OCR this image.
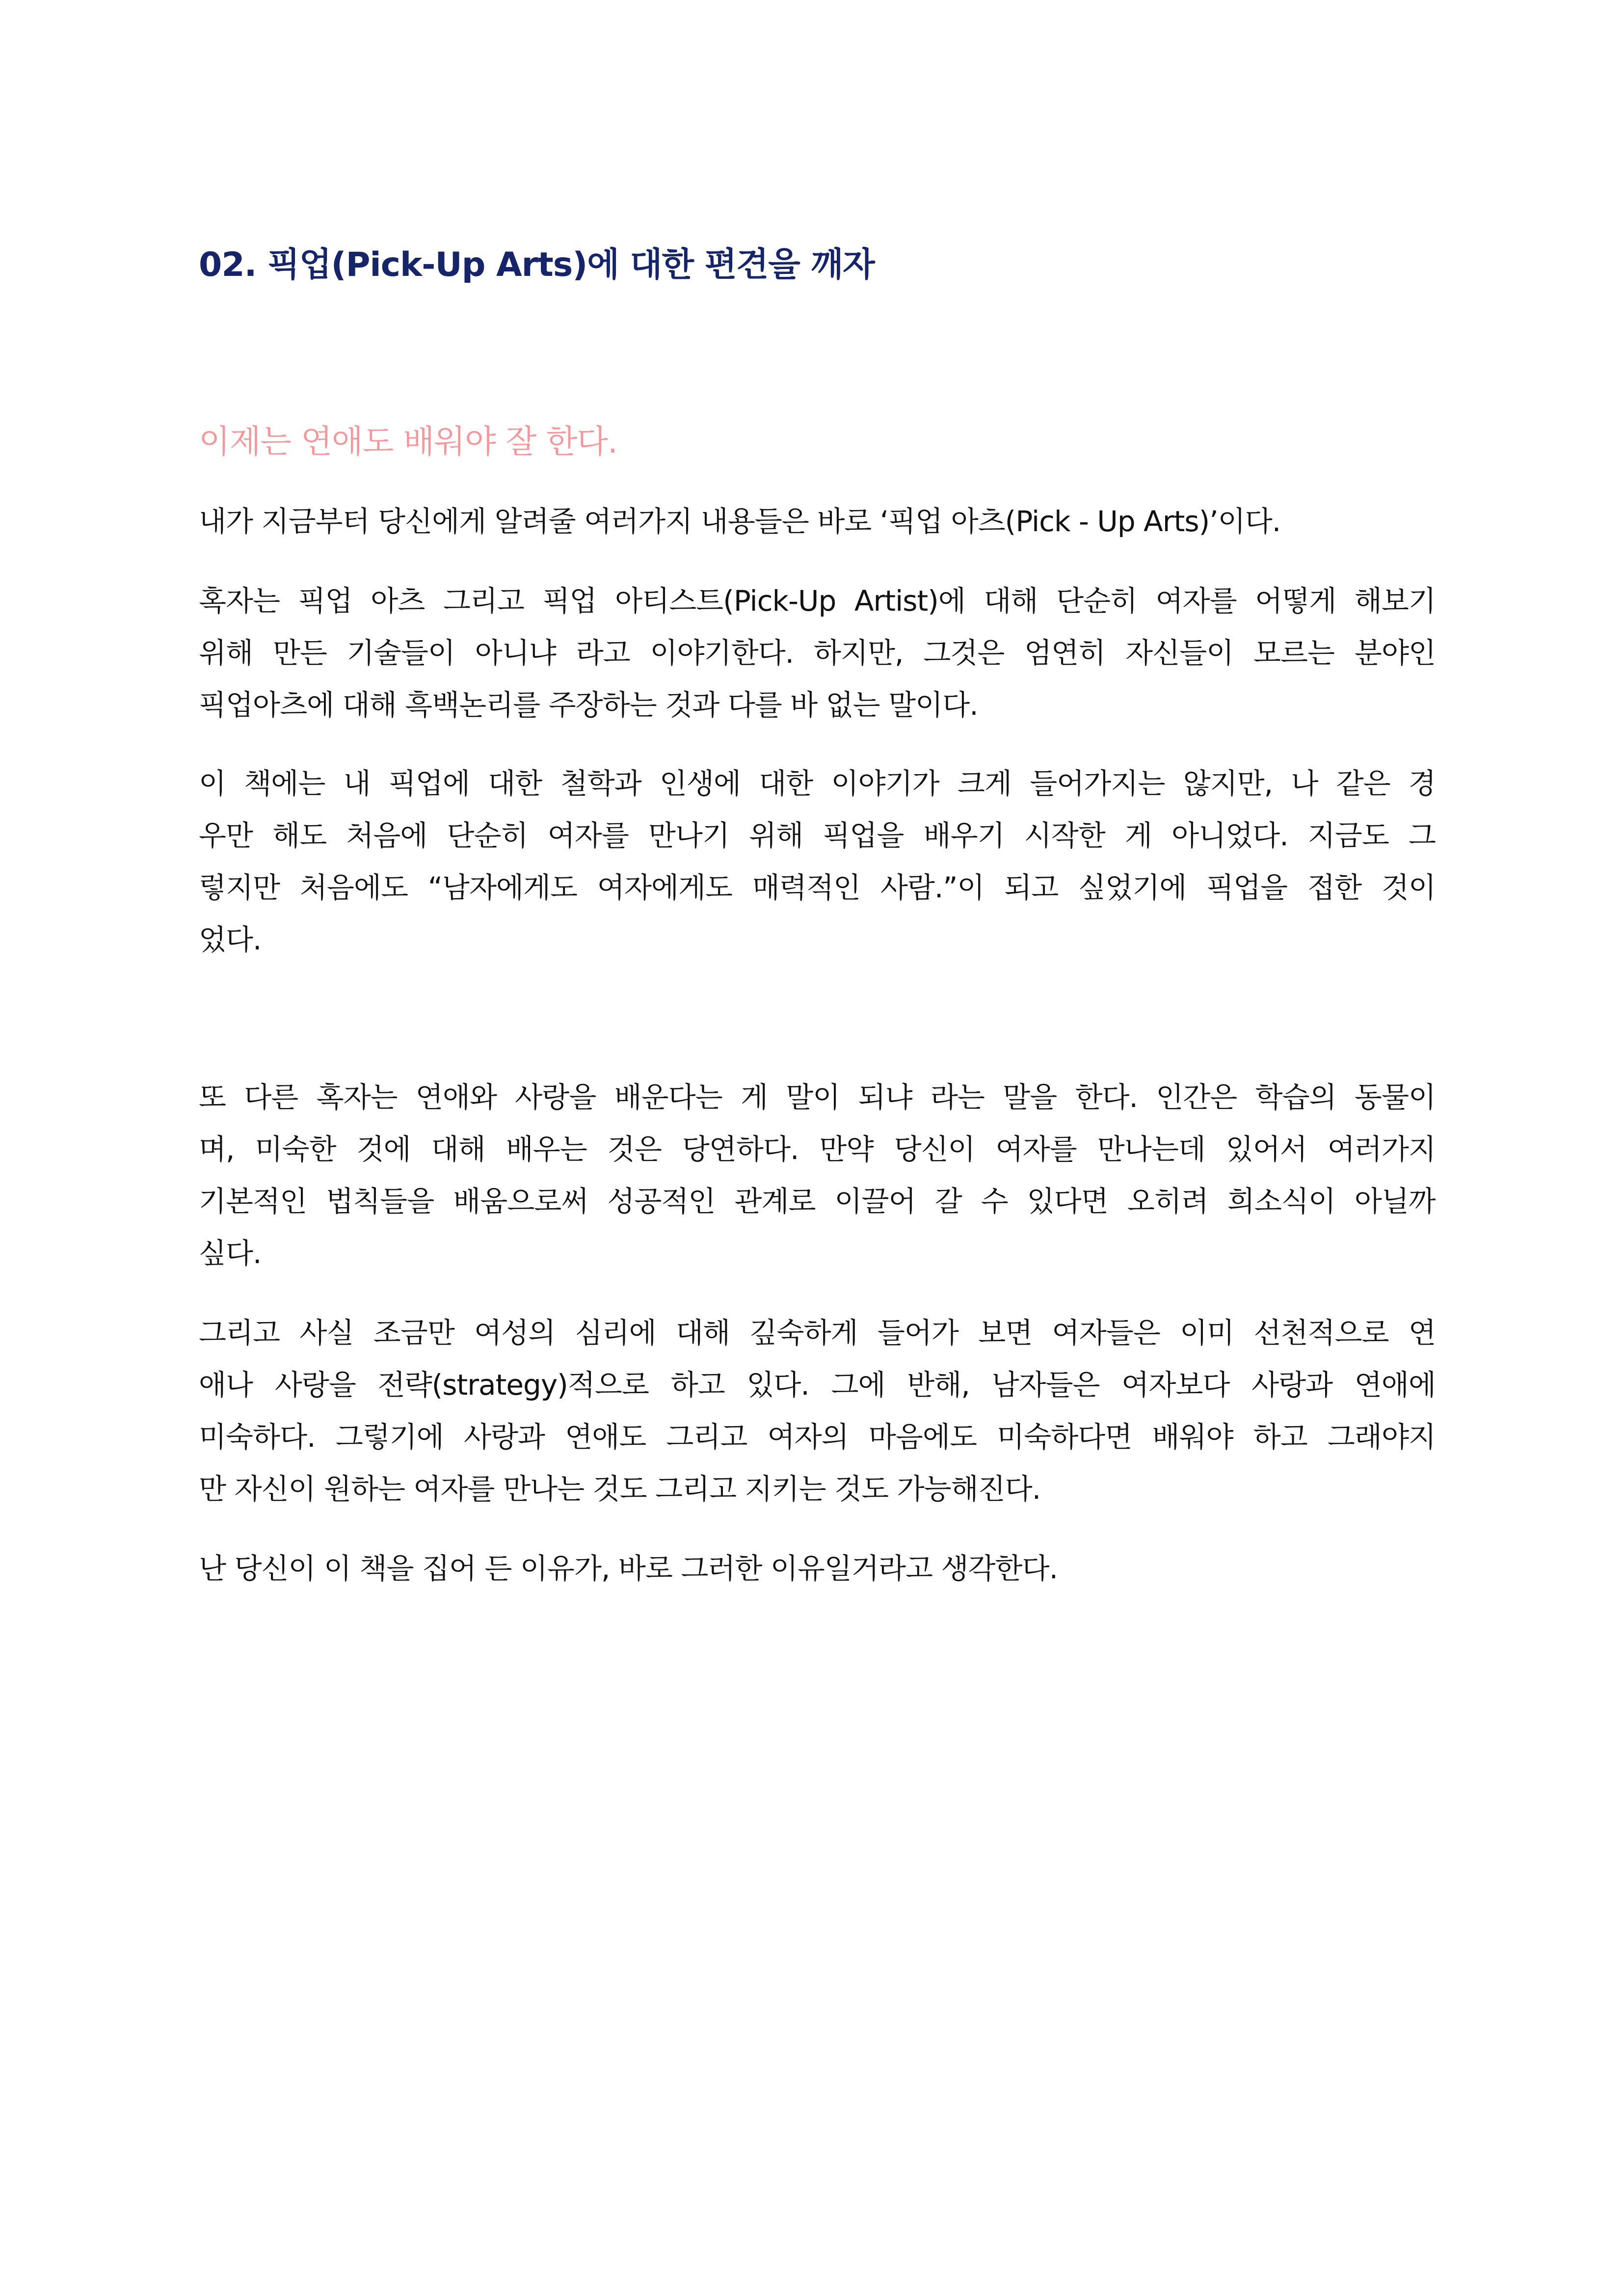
02. 픽업(Pick-Up Arts)에 대한 편견을 깨자
이제는 연애도 배워야 잘 한다.
내가 지금부터 당신에게 알려줄 여러가지 내용들은 바로 ‘픽업 아츠(Pick - Up Arts)’이다.
혹자는 픽업 아츠 그리고 픽업 아티스트(Pick-Up Artist)에 대해 단순히 여자를 어떻게 해보기
위해 만든 기술들이 아니냐 라고 이야기한다. 하지만, 그것은 엄연히 자신들이 모르는 분야인
픽업아츠에 대해 흑백논리를 주장하는 것과 다를 바 없는 말이다.
이 책에는 내 픽업에 대한 철학과 인생에 대한 이야기가 크게 들어가지는 않지만, 나 같은 경
우만 해도 처음에 단순히 여자를 만나기 위해 픽업을 배우기 시작한 게 아니었다. 지금도 그
렇지만 처음에도 “남자에게도 여자에게도 매력적인 사람.”이 되고 싶었기에 픽업을 접한 것이
었다.
또 다른 혹자는 연애와 사랑을 배운다는 게 말이 되냐 라는 말을 한다. 인간은 학습의 동물이
며, 미숙한 것에 대해 배우는 것은 당연하다. 만약 당신이 여자를 만나는데 있어서 여러가지
기본적인 법칙들을 배움으로써 성공적인 관계로 이끌어 갈 수 있다면 오히려 희소식이 아닐까
싶다.
그리고 사실 조금만 여성의 심리에 대해 깊숙하게 들어가 보면 여자들은 이미 선천적으로 연
애나 사랑을 전략(strategy)적으로 하고 있다. 그에 반해, 남자들은 여자보다 사랑과 연애에
미숙하다. 그렇기에 사랑과 연애도 그리고 여자의 마음에도 미숙하다면 배워야 하고 그래야지
만 자신이 원하는 여자를 만나는 것도 그리고 지키는 것도 가능해진다.
난 당신이 이 책을 집어 든 이유가, 바로 그러한 이유일거라고 생각한다.
